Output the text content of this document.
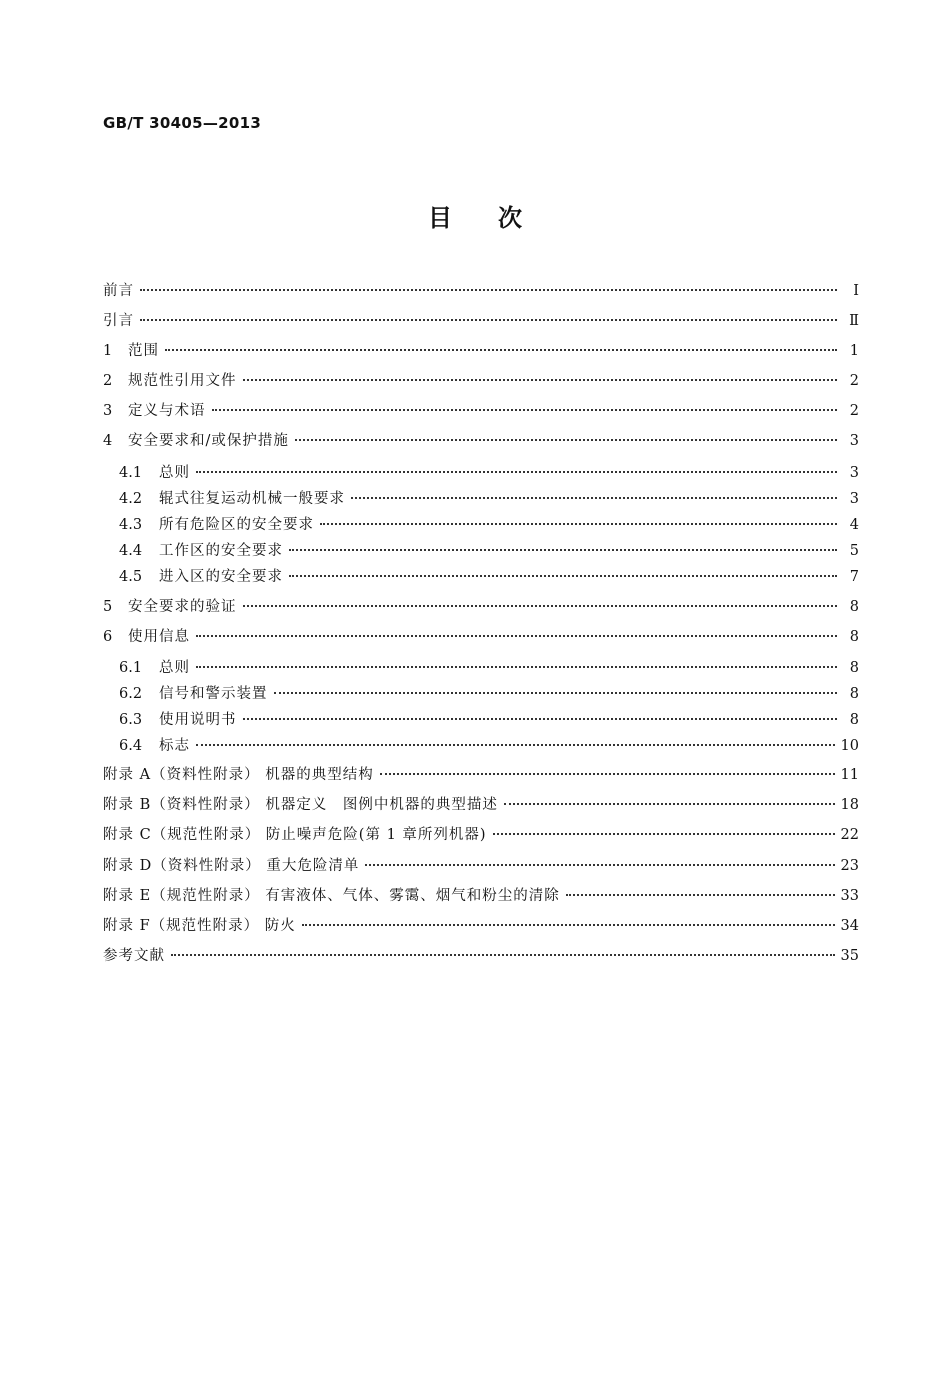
GB/T 30405—2013
目次
前言	Ⅰ
引言	Ⅱ
1	范围	1
2	规范性引用文件	2
3	定义与术语	2
4	安全要求和/或保护措施	3
4.1	总则	3
4.2	辊式往复运动机械一般要求	3
4.3	所有危险区的安全要求	4
4.4	工作区的安全要求	5
4.5	进入区的安全要求	7
5	安全要求的验证	8
6	使用信息	8
6.1	总则	8
6.2	信号和警示装置	8
6.3	使用说明书	8
6.4	标志	10
附录 A（资料性附录） 机器的典型结构	11
附录 B（资料性附录） 机器定义　图例中机器的典型描述	18
附录 C（规范性附录） 防止噪声危险(第 1 章所列机器)	22
附录 D（资料性附录） 重大危险清单	23
附录 E（规范性附录） 有害液体、气体、雾霭、烟气和粉尘的清除	33
附录 F（规范性附录） 防火	34
参考文献	35
